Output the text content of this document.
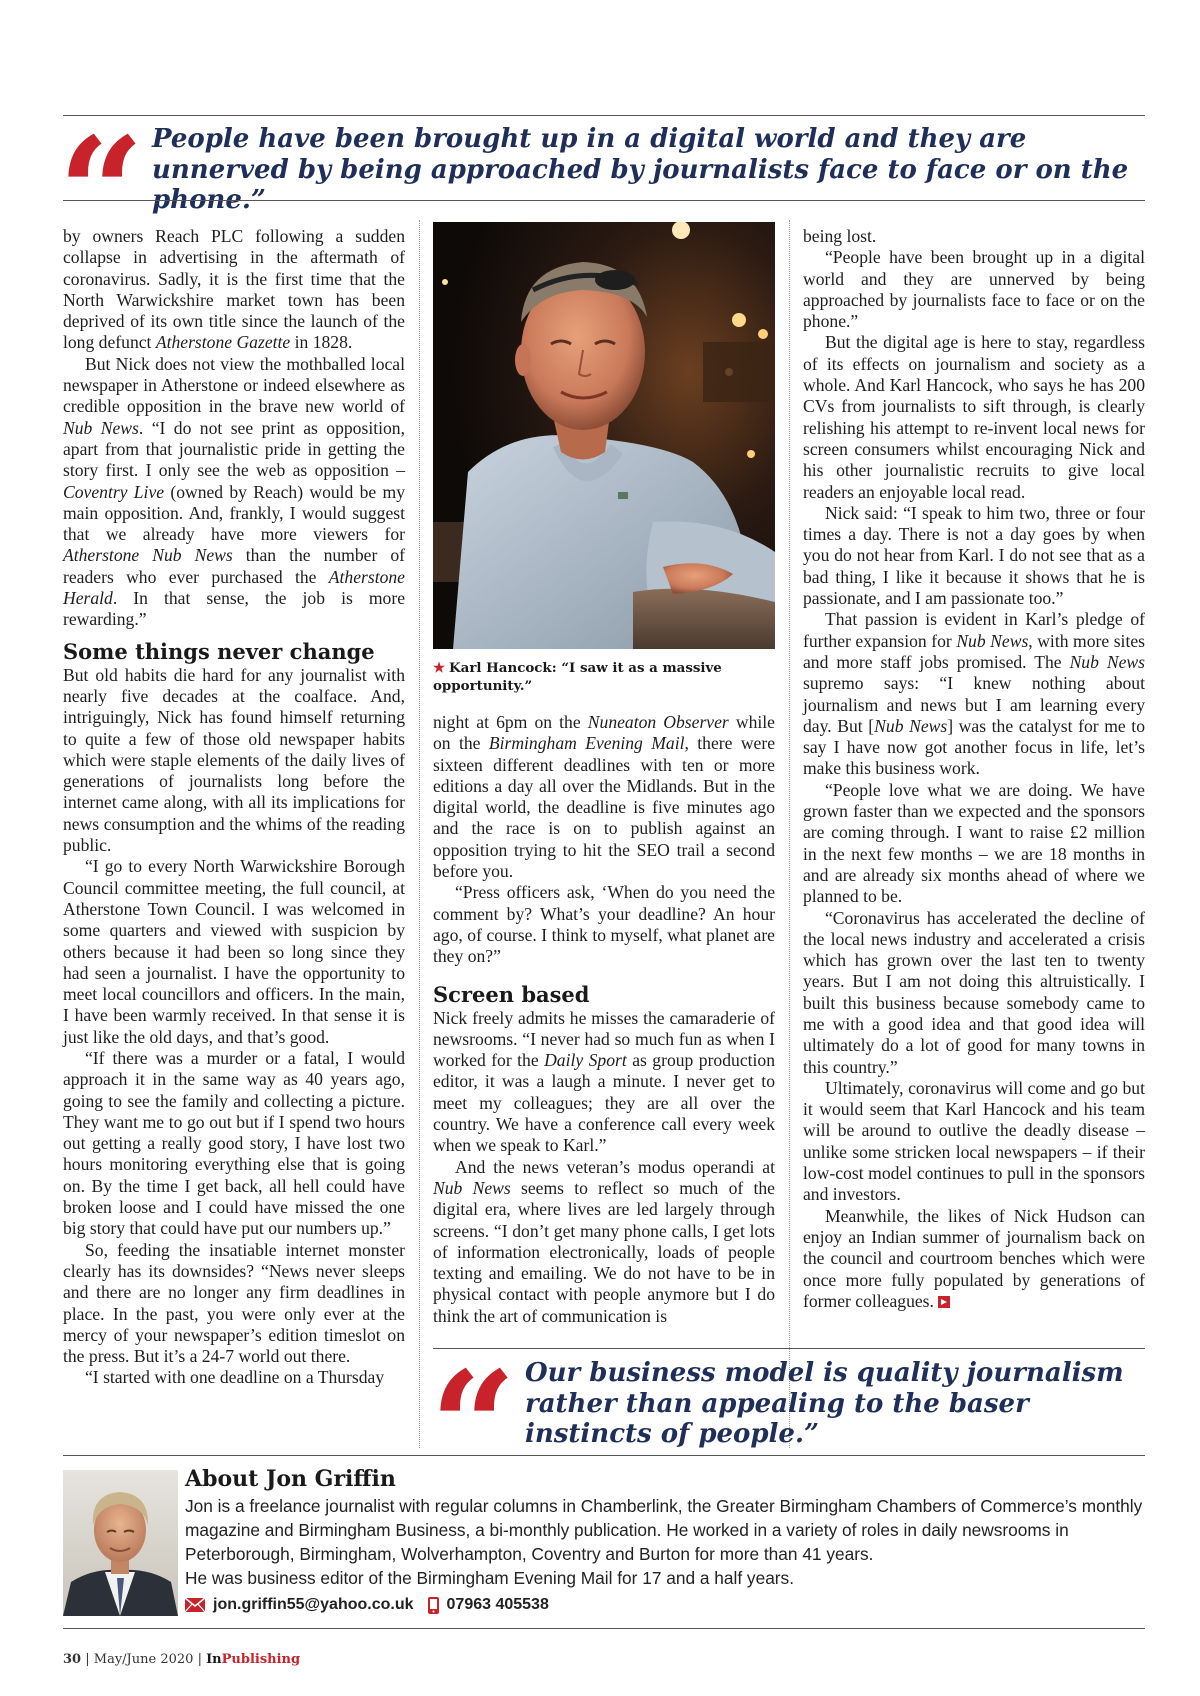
“ People have been brought up in a digital world and they are unnerved by being approached by journalists face to face or on the phone.”

by owners Reach PLC following a sudden collapse in advertising in the aftermath of coronavirus. Sadly, it is the first time that the North Warwickshire market town has been deprived of its own title since the launch of the long defunct Atherstone Gazette in 1828.

But Nick does not view the mothballed local newspaper in Atherstone or indeed elsewhere as credible opposition in the brave new world of Nub News. “I do not see print as opposition, apart from that journalistic pride in getting the story first. I only see the web as opposition – Coventry Live (owned by Reach) would be my main opposition. And, frankly, I would suggest that we already have more viewers for Atherstone Nub News than the number of readers who ever purchased the Atherstone Herald. In that sense, the job is more rewarding.”

Some things never change

But old habits die hard for any journalist with nearly five decades at the coalface. And, intriguingly, Nick has found himself returning to quite a few of those old newspaper habits which were staple elements of the daily lives of generations of journalists long before the internet came along, with all its implications for news consumption and the whims of the reading public.

“I go to every North Warwickshire Borough Council committee meeting, the full council, at Atherstone Town Council. I was welcomed in some quarters and viewed with suspicion by others because it had been so long since they had seen a journalist. I have the opportunity to meet local councillors and officers. In the main, I have been warmly received. In that sense it is just like the old days, and that’s good.

“If there was a murder or a fatal, I would approach it in the same way as 40 years ago, going to see the family and collecting a picture. They want me to go out but if I spend two hours out getting a really good story, I have lost two hours monitoring everything else that is going on. By the time I get back, all hell could have broken loose and I could have missed the one big story that could have put our numbers up.”

So, feeding the insatiable internet monster clearly has its downsides? “News never sleeps and there are no longer any firm deadlines in place. In the past, you were only ever at the mercy of your newspaper’s edition timeslot on the press. But it’s a 24-7 world out there.

“I started with one deadline on a Thursday

★ Karl Hancock: “I saw it as a massive opportunity.”

night at 6pm on the Nuneaton Observer while on the Birmingham Evening Mail, there were sixteen different deadlines with ten or more editions a day all over the Midlands. But in the digital world, the deadline is five minutes ago and the race is on to publish against an opposition trying to hit the SEO trail a second before you.

“Press officers ask, ‘When do you need the comment by? What’s your deadline? An hour ago, of course. I think to myself, what planet are they on?”

Screen based

Nick freely admits he misses the camaraderie of newsrooms. “I never had so much fun as when I worked for the Daily Sport as group production editor, it was a laugh a minute. I never get to meet my colleagues; they are all over the country. We have a conference call every week when we speak to Karl.”

And the news veteran’s modus operandi at Nub News seems to reflect so much of the digital era, where lives are led largely through screens. “I don’t get many phone calls, I get lots of information electronically, loads of people texting and emailing. We do not have to be in physical contact with people anymore but I do think the art of communication is

being lost.

“People have been brought up in a digital world and they are unnerved by being approached by journalists face to face or on the phone.”

But the digital age is here to stay, regardless of its effects on journalism and society as a whole. And Karl Hancock, who says he has 200 CVs from journalists to sift through, is clearly relishing his attempt to re-invent local news for screen consumers whilst encouraging Nick and his other journalistic recruits to give local readers an enjoyable local read.

Nick said: “I speak to him two, three or four times a day. There is not a day goes by when you do not hear from Karl. I do not see that as a bad thing, I like it because it shows that he is passionate, and I am passionate too.”

That passion is evident in Karl’s pledge of further expansion for Nub News, with more sites and more staff jobs promised. The Nub News supremo says: “I knew nothing about journalism and news but I am learning every day. But [Nub News] was the catalyst for me to say I have now got another focus in life, let’s make this business work.

“People love what we are doing. We have grown faster than we expected and the sponsors are coming through. I want to raise £2 million in the next few months – we are 18 months in and are already six months ahead of where we planned to be.

“Coronavirus has accelerated the decline of the local news industry and accelerated a crisis which has grown over the last ten to twenty years. But I am not doing this altruistically. I built this business because somebody came to me with a good idea and that good idea will ultimately do a lot of good for many towns in this country.”

Ultimately, coronavirus will come and go but it would seem that Karl Hancock and his team will be around to outlive the deadly disease – unlike some stricken local newspapers – if their low-cost model continues to pull in the sponsors and investors.

Meanwhile, the likes of Nick Hudson can enjoy an Indian summer of journalism back on the council and courtroom benches which were once more fully populated by generations of former colleagues.

“ Our business model is quality journalism rather than appealing to the baser instincts of people.”

About Jon Griffin

Jon is a freelance journalist with regular columns in Chamberlink, the Greater Birmingham Chambers of Commerce’s monthly magazine and Birmingham Business, a bi-monthly publication. He worked in a variety of roles in daily newsrooms in Peterborough, Birmingham, Wolverhampton, Coventry and Burton for more than 41 years.

He was business editor of the Birmingham Evening Mail for 17 and a half years.

jon.griffin55@yahoo.co.uk 07963 405538
30 | May/June 2020 | InPublishing
